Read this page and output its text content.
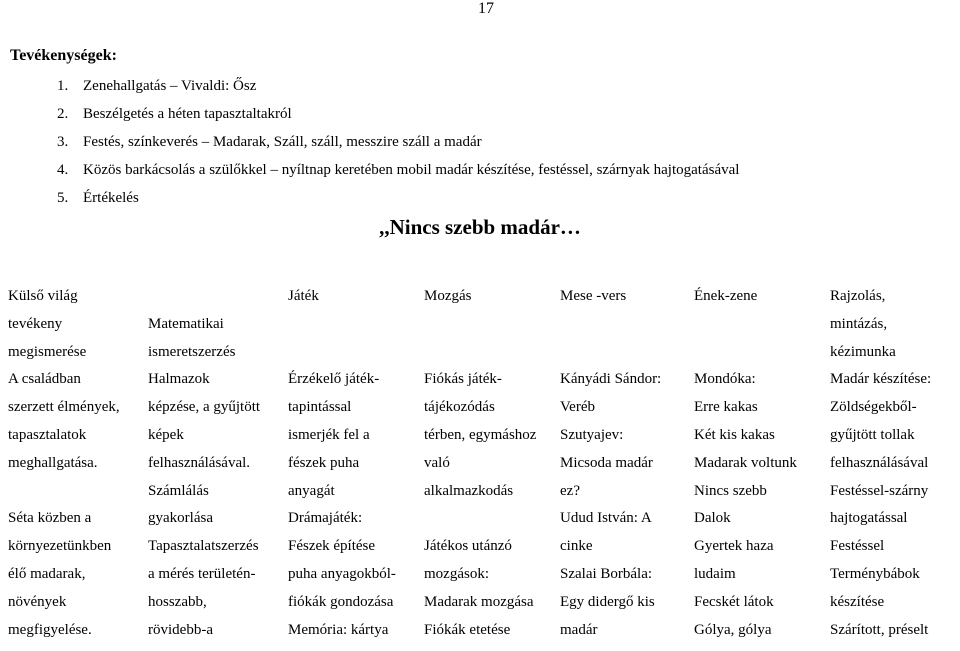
17
Tevékenységek:
1. Zenehallgatás – Vivaldi: Ősz
2. Beszélgetés a héten tapasztaltakról
3. Festés, színkeverés – Madarak, Száll, száll, messzire száll a madár
4. Közös barkácsolás a szülőkkel – nyíltnap keretében mobil madár készítése, festéssel, szárnyak hajtogatásával
5. Értékelés
,,Nincs szebb madár…
Külső világ
tevékeny
megismerése
A családban
szerzett élmények,
tapasztalatok
meghallgatása.
Séta közben a
környezetünkben
élő madarak,
növények
megfigyelése.
Matematikai
ismeretszerzés
Halmazok
képzése, a gyűjtött
képek
felhasználásával.
Számlálás
gyakorlása
Tapasztalatszerzés
a mérés területén-
hosszabb,
rövidebb-a
Játék
Érzékelő játék-
tapintással
ismerjék fel a
fészek puha
anyagát
Drámajáték:
Fészek építése
puha anyagokból-
fiókák gondozása
Memória: kártya
Mozgás
Fiókás játék-
tájékozódás
térben, egymáshoz
való
alkalmazkodás
Játékos utánzó
mozgások:
Madarak mozgása
Fiókák etetése
Mese -vers
Kányádi Sándor:
Veréb
Szutyajev:
Micsoda madár
ez?
Udud István: A
cinke
Szalai Borbála:
Egy didergő kis
madár
Ének-zene
Mondóka:
Erre kakas
Két kis kakas
Madarak voltunk
Nincs szebb
Dalok
Gyertek haza
ludaim
Fecskét látok
Gólya, gólya
Rajzolás,
mintázás,
kézimunka
Madár készítése:
Zöldségekből-
gyűjtött tollak
felhasználásával
Festéssel-szárny
hajtogatással
Festéssel
Terménybábok
készítése
Szárított, préselt
